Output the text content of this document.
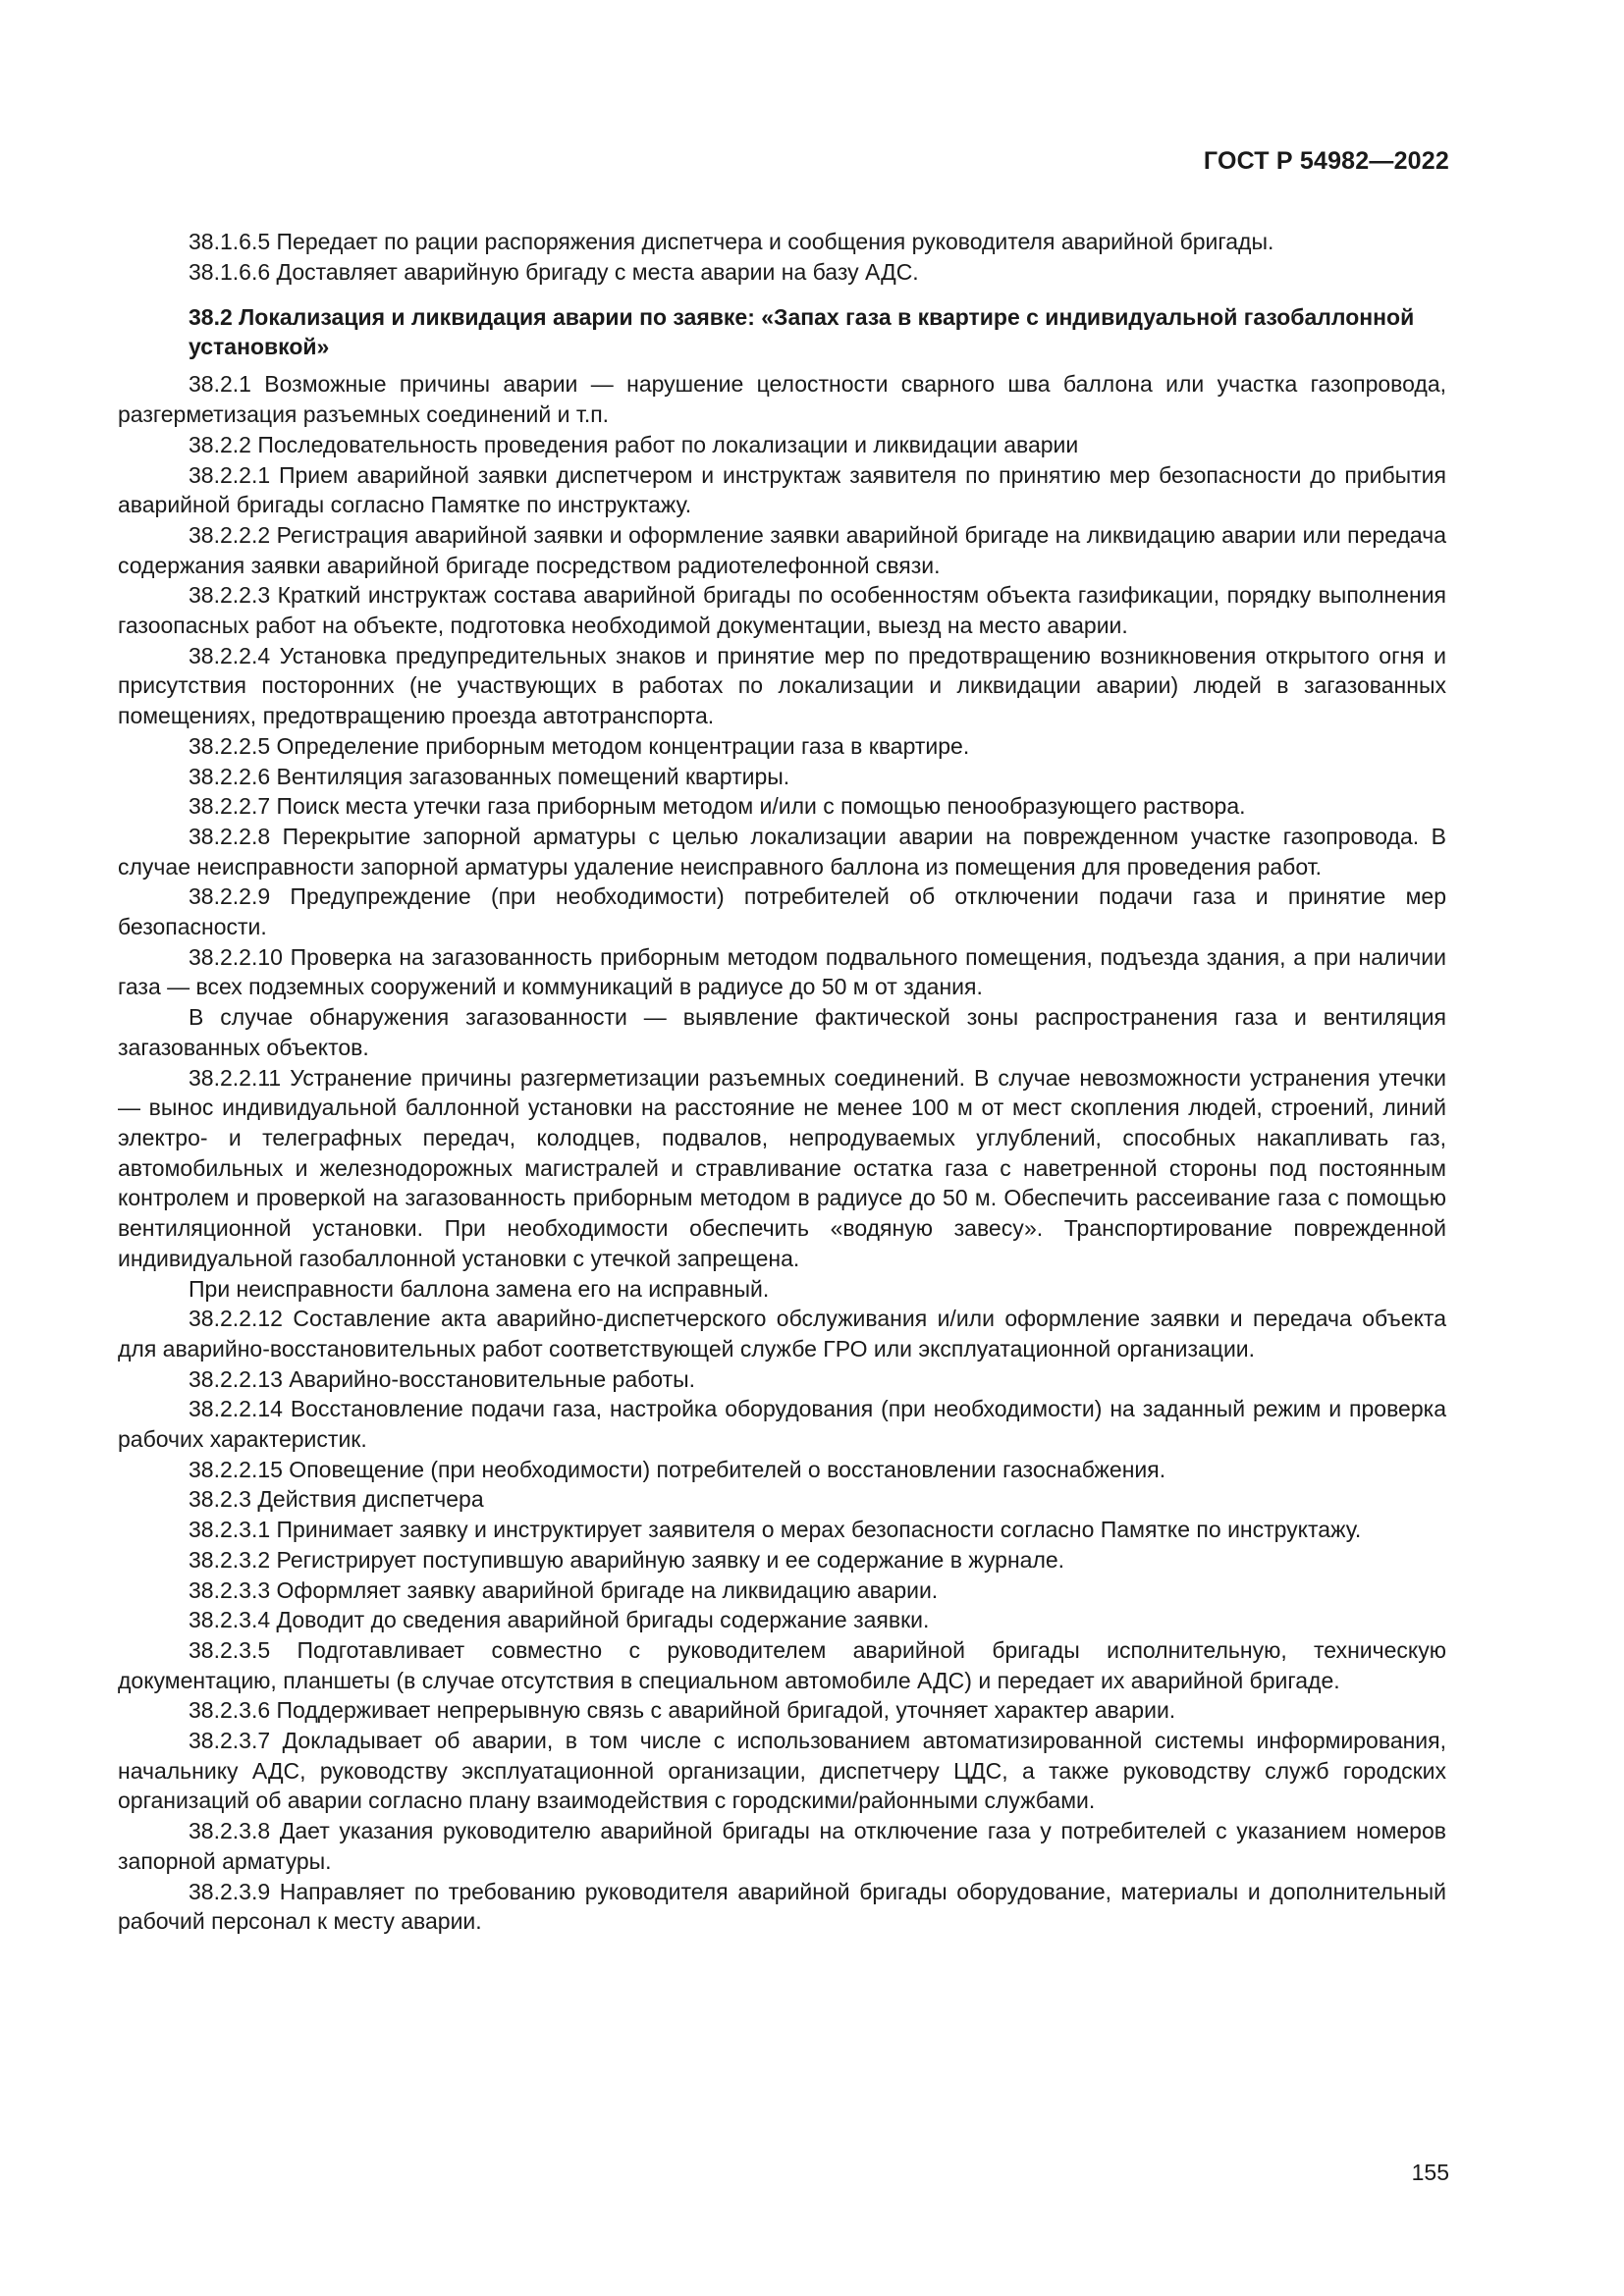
ГОСТ Р 54982—2022
38.1.6.5 Передает по рации распоряжения диспетчера и сообщения руководителя аварийной бригады.
38.1.6.6 Доставляет аварийную бригаду с места аварии на базу АДС.
38.2 Локализация и ликвидация аварии по заявке: «Запах газа в квартире с индивидуальной газобаллонной установкой»
38.2.1 Возможные причины аварии — нарушение целостности сварного шва баллона или участка газопровода, разгерметизация разъемных соединений и т.п.
38.2.2 Последовательность проведения работ по локализации и ликвидации аварии
38.2.2.1 Прием аварийной заявки диспетчером и инструктаж заявителя по принятию мер безопасности до прибытия аварийной бригады согласно Памятке по инструктажу.
38.2.2.2 Регистрация аварийной заявки и оформление заявки аварийной бригаде на ликвидацию аварии или передача содержания заявки аварийной бригаде посредством радиотелефонной связи.
38.2.2.3 Краткий инструктаж состава аварийной бригады по особенностям объекта газификации, порядку выполнения газоопасных работ на объекте, подготовка необходимой документации, выезд на место аварии.
38.2.2.4 Установка предупредительных знаков и принятие мер по предотвращению возникновения открытого огня и присутствия посторонних (не участвующих в работах по локализации и ликвидации аварии) людей в загазованных помещениях, предотвращению проезда автотранспорта.
38.2.2.5 Определение приборным методом концентрации газа в квартире.
38.2.2.6 Вентиляция загазованных помещений квартиры.
38.2.2.7 Поиск места утечки газа приборным методом и/или с помощью пенообразующего раствора.
38.2.2.8 Перекрытие запорной арматуры с целью локализации аварии на поврежденном участке газопровода. В случае неисправности запорной арматуры удаление неисправного баллона из помещения для проведения работ.
38.2.2.9 Предупреждение (при необходимости) потребителей об отключении подачи газа и принятие мер безопасности.
38.2.2.10 Проверка на загазованность приборным методом подвального помещения, подъезда здания, а при наличии газа — всех подземных сооружений и коммуникаций в радиусе до 50 м от здания.
В случае обнаружения загазованности — выявление фактической зоны распространения газа и вентиляция загазованных объектов.
38.2.2.11 Устранение причины разгерметизации разъемных соединений. В случае невозможности устранения утечки — вынос индивидуальной баллонной установки на расстояние не менее 100 м от мест скопления людей, строений, линий электро- и телеграфных передач, колодцев, подвалов, непродуваемых углублений, способных накапливать газ, автомобильных и железнодорожных магистралей и стравливание остатка газа с наветренной стороны под постоянным контролем и проверкой на загазованность приборным методом в радиусе до 50 м. Обеспечить рассеивание газа с помощью вентиляционной установки. При необходимости обеспечить «водяную завесу». Транспортирование поврежденной индивидуальной газобаллонной установки с утечкой запрещена.
При неисправности баллона замена его на исправный.
38.2.2.12 Составление акта аварийно-диспетчерского обслуживания и/или оформление заявки и передача объекта для аварийно-восстановительных работ соответствующей службе ГРО или эксплуатационной организации.
38.2.2.13 Аварийно-восстановительные работы.
38.2.2.14 Восстановление подачи газа, настройка оборудования (при необходимости) на заданный режим и проверка рабочих характеристик.
38.2.2.15 Оповещение (при необходимости) потребителей о восстановлении газоснабжения.
38.2.3 Действия диспетчера
38.2.3.1 Принимает заявку и инструктирует заявителя о мерах безопасности согласно Памятке по инструктажу.
38.2.3.2 Регистрирует поступившую аварийную заявку и ее содержание в журнале.
38.2.3.3 Оформляет заявку аварийной бригаде на ликвидацию аварии.
38.2.3.4 Доводит до сведения аварийной бригады содержание заявки.
38.2.3.5 Подготавливает совместно с руководителем аварийной бригады исполнительную, техническую документацию, планшеты (в случае отсутствия в специальном автомобиле АДС) и передает их аварийной бригаде.
38.2.3.6 Поддерживает непрерывную связь с аварийной бригадой, уточняет характер аварии.
38.2.3.7 Докладывает об аварии, в том числе с использованием автоматизированной системы информирования, начальнику АДС, руководству эксплуатационной организации, диспетчеру ЦДС, а также руководству служб городских организаций об аварии согласно плану взаимодействия с городскими/районными службами.
38.2.3.8 Дает указания руководителю аварийной бригады на отключение газа у потребителей с указанием номеров запорной арматуры.
38.2.3.9 Направляет по требованию руководителя аварийной бригады оборудование, материалы и дополнительный рабочий персонал к месту аварии.
155
